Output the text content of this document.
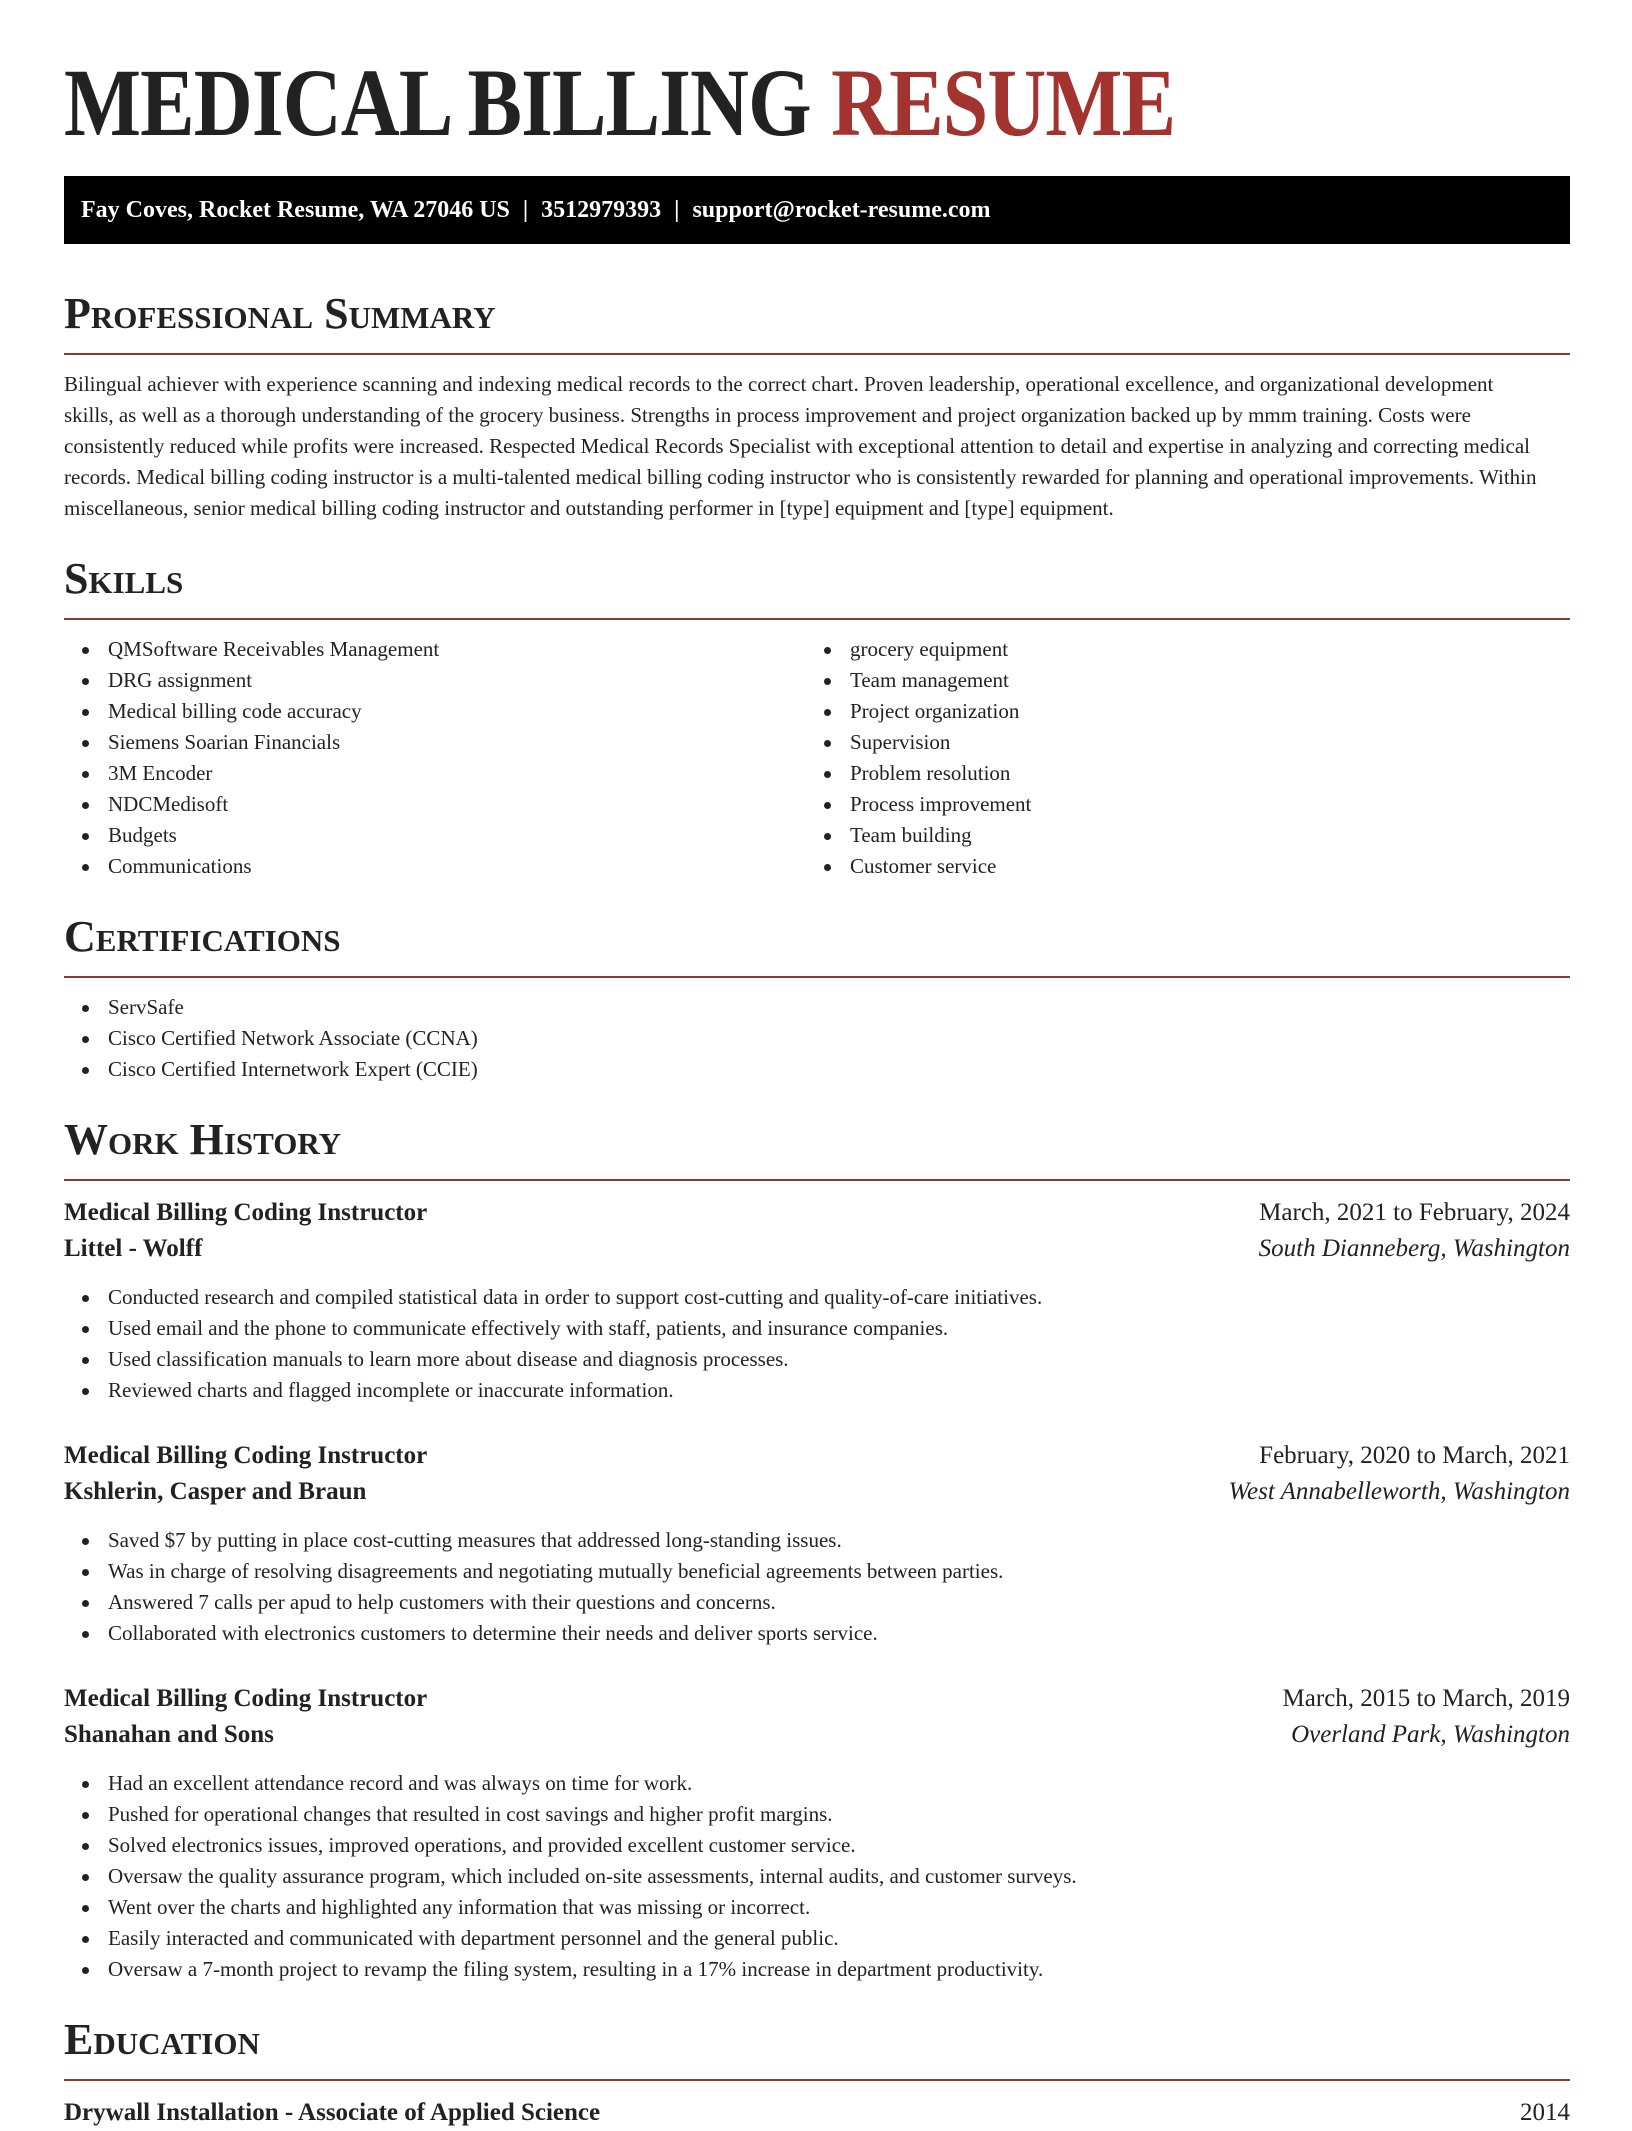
MEDICAL BILLING RESUME
Fay Coves, Rocket Resume, WA 27046 US | 3512979393 | support@rocket-resume.com
Professional Summary
Bilingual achiever with experience scanning and indexing medical records to the correct chart. Proven leadership, operational excellence, and organizational development
skills, as well as a thorough understanding of the grocery business. Strengths in process improvement and project organization backed up by mmm training. Costs were
consistently reduced while profits were increased. Respected Medical Records Specialist with exceptional attention to detail and expertise in analyzing and correcting medical
records. Medical billing coding instructor is a multi-talented medical billing coding instructor who is consistently rewarded for planning and operational improvements. Within
miscellaneous, senior medical billing coding instructor and outstanding performer in [type] equipment and [type] equipment.
Skills
QMSoftware Receivables Management
DRG assignment
Medical billing code accuracy
Siemens Soarian Financials
3M Encoder
NDCMedisoft
Budgets
Communications
grocery equipment
Team management
Project organization
Supervision
Problem resolution
Process improvement
Team building
Customer service
Certifications
ServSafe
Cisco Certified Network Associate (CCNA)
Cisco Certified Internetwork Expert (CCIE)
Work History
Medical Billing Coding Instructor	March, 2021 to February, 2024
Littel - Wolff	South Dianneberg, Washington
Conducted research and compiled statistical data in order to support cost-cutting and quality-of-care initiatives.
Used email and the phone to communicate effectively with staff, patients, and insurance companies.
Used classification manuals to learn more about disease and diagnosis processes.
Reviewed charts and flagged incomplete or inaccurate information.
Medical Billing Coding Instructor	February, 2020 to March, 2021
Kshlerin, Casper and Braun	West Annabelleworth, Washington
Saved $7 by putting in place cost-cutting measures that addressed long-standing issues.
Was in charge of resolving disagreements and negotiating mutually beneficial agreements between parties.
Answered 7 calls per apud to help customers with their questions and concerns.
Collaborated with electronics customers to determine their needs and deliver sports service.
Medical Billing Coding Instructor	March, 2015 to March, 2019
Shanahan and Sons	Overland Park, Washington
Had an excellent attendance record and was always on time for work.
Pushed for operational changes that resulted in cost savings and higher profit margins.
Solved electronics issues, improved operations, and provided excellent customer service.
Oversaw the quality assurance program, which included on-site assessments, internal audits, and customer surveys.
Went over the charts and highlighted any information that was missing or incorrect.
Easily interacted and communicated with department personnel and the general public.
Oversaw a 7-month project to revamp the filing system, resulting in a 17% increase in department productivity.
Education
Drywall Installation - Associate of Applied Science	2014
